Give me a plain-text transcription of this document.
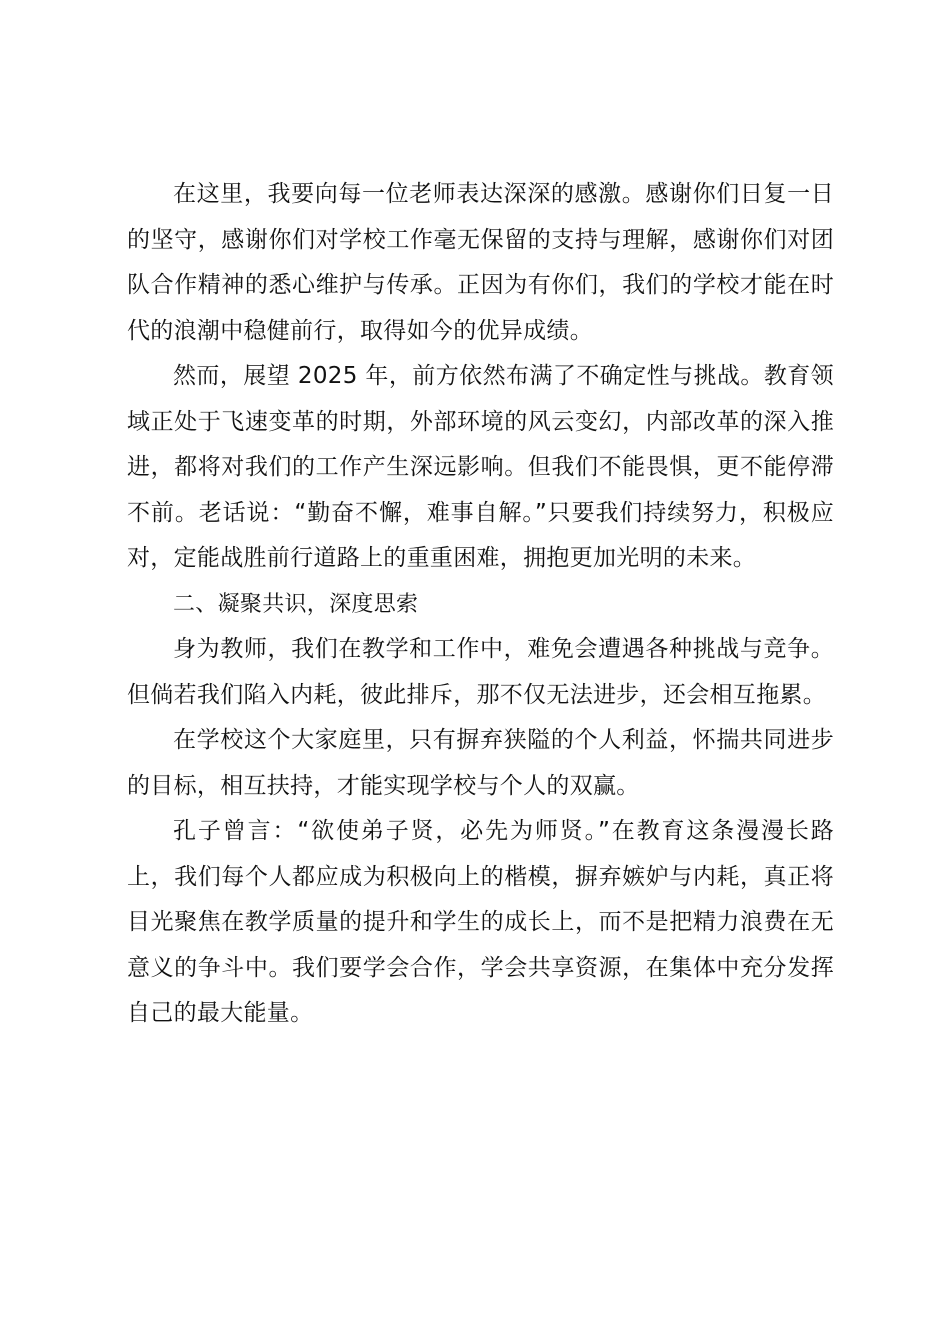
在这里，我要向每一位老师表达深深的感激。感谢你们日复一日的坚守，感谢你们对学校工作毫无保留的支持与理解，感谢你们对团队合作精神的悉心维护与传承。正因为有你们，我们的学校才能在时代的浪潮中稳健前行，取得如今的优异成绩。

然而，展望 2025 年，前方依然布满了不确定性与挑战。教育领域正处于飞速变革的时期，外部环境的风云变幻，内部改革的深入推进，都将对我们的工作产生深远影响。但我们不能畏惧，更不能停滞不前。老话说：“勤奋不懈，难事自解。”只要我们持续努力，积极应对，定能战胜前行道路上的重重困难，拥抱更加光明的未来。

二、凝聚共识，深度思索

身为教师，我们在教学和工作中，难免会遭遇各种挑战与竞争。但倘若我们陷入内耗，彼此排斥，那不仅无法进步，还会相互拖累。

在学校这个大家庭里，只有摒弃狭隘的个人利益，怀揣共同进步的目标，相互扶持，才能实现学校与个人的双赢。

孔子曾言：“欲使弟子贤，必先为师贤。”在教育这条漫漫长路上，我们每个人都应成为积极向上的楷模，摒弃嫉妒与内耗，真正将目光聚焦在教学质量的提升和学生的成长上，而不是把精力浪费在无意义的争斗中。我们要学会合作，学会共享资源，在集体中充分发挥自己的最大能量。
